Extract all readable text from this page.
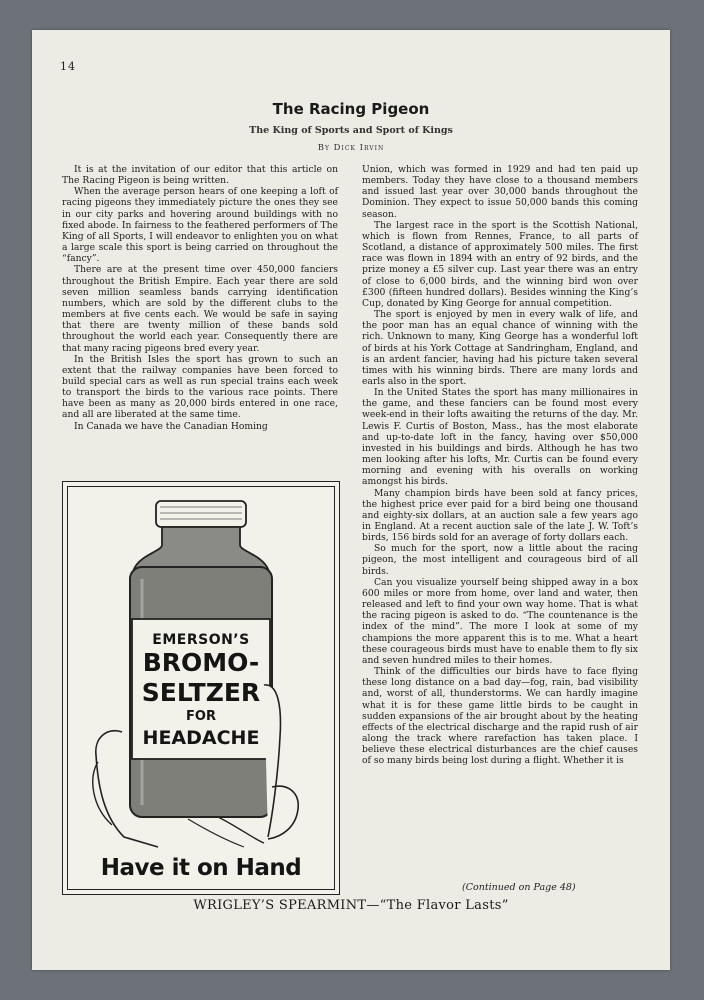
14
The Racing Pigeon
The King of Sports and Sport of Kings
By Dick Irvin

It is at the invitation of our editor that this article on The Racing Pigeon is being written.

When the average person hears of one keeping a loft of racing pigeons they immediately picture the ones they see in our city parks and hovering around buildings with no fixed abode. In fairness to the feathered performers of The King of all Sports, I will endeavor to enlighten you on what a large scale this sport is being carried on throughout the “fancy”.

There are at the present time over 450,000 fanciers throughout the British Empire. Each year there are sold seven million seamless bands carrying identification numbers, which are sold by the different clubs to the members at five cents each. We would be safe in saying that there are twenty million of these bands sold throughout the world each year. Consequently there are that many racing pigeons bred every year.

In the British Isles the sport has grown to such an extent that the railway companies have been forced to build special cars as well as run special trains each week to transport the birds to the various race points. There have been as many as 20,000 birds entered in one race, and all are liberated at the same time.

In Canada we have the Canadian Homing

EMERSON’S
BROMO-
SELTZER
FOR
HEADACHE
Have it on Hand

Union, which was formed in 1929 and had ten paid up members. Today they have close to a thousand members and issued last year over 30,000 bands throughout the Dominion. They expect to issue 50,000 bands this coming season.

The largest race in the sport is the Scottish National, which is flown from Rennes, France, to all parts of Scotland, a distance of approximately 500 miles. The first race was flown in 1894 with an entry of 92 birds, and the prize money a £5 silver cup. Last year there was an entry of close to 6,000 birds, and the winning bird won over £300 (fifteen hundred dollars). Besides winning the King’s Cup, donated by King George for annual competition.

The sport is enjoyed by men in every walk of life, and the poor man has an equal chance of winning with the rich. Unknown to many, King George has a wonderful loft of birds at his York Cottage at Sandringham, England, and is an ardent fancier, having had his picture taken several times with his winning birds. There are many lords and earls also in the sport.

In the United States the sport has many millionaires in the game, and these fanciers can be found most every week-end in their lofts awaiting the returns of the day. Mr. Lewis F. Curtis of Boston, Mass., has the most elaborate and up-to-date loft in the fancy, having over $50,000 invested in his buildings and birds. Although he has two men looking after his lofts, Mr. Curtis can be found every morning and evening with his overalls on working amongst his birds.

Many champion birds have been sold at fancy prices, the highest price ever paid for a bird being one thousand and eighty-six dollars, at an auction sale a few years ago in England. At a recent auction sale of the late J. W. Toft’s birds, 156 birds sold for an average of forty dollars each.

So much for the sport, now a little about the racing pigeon, the most intelligent and courageous bird of all birds.

Can you visualize yourself being shipped away in a box 600 miles or more from home, over land and water, then released and left to find your own way home. That is what the racing pigeon is asked to do. “The countenance is the index of the mind”. The more I look at some of my champions the more apparent this is to me. What a heart these courageous birds must have to enable them to fly six and seven hundred miles to their homes.

Think of the difficulties our birds have to face flying these long distance on a bad day—fog, rain, bad visibility and, worst of all, thunderstorms. We can hardly imagine what it is for these game little birds to be caught in sudden expansions of the air brought about by the heating effects of the electrical discharge and the rapid rush of air along the track where rarefaction has taken place. I believe these electrical disturbances are the chief causes of so many birds being lost during a flight. Whether it is

(Continued on Page 48)
WRIGLEY’S SPEARMINT—“The Flavor Lasts”
